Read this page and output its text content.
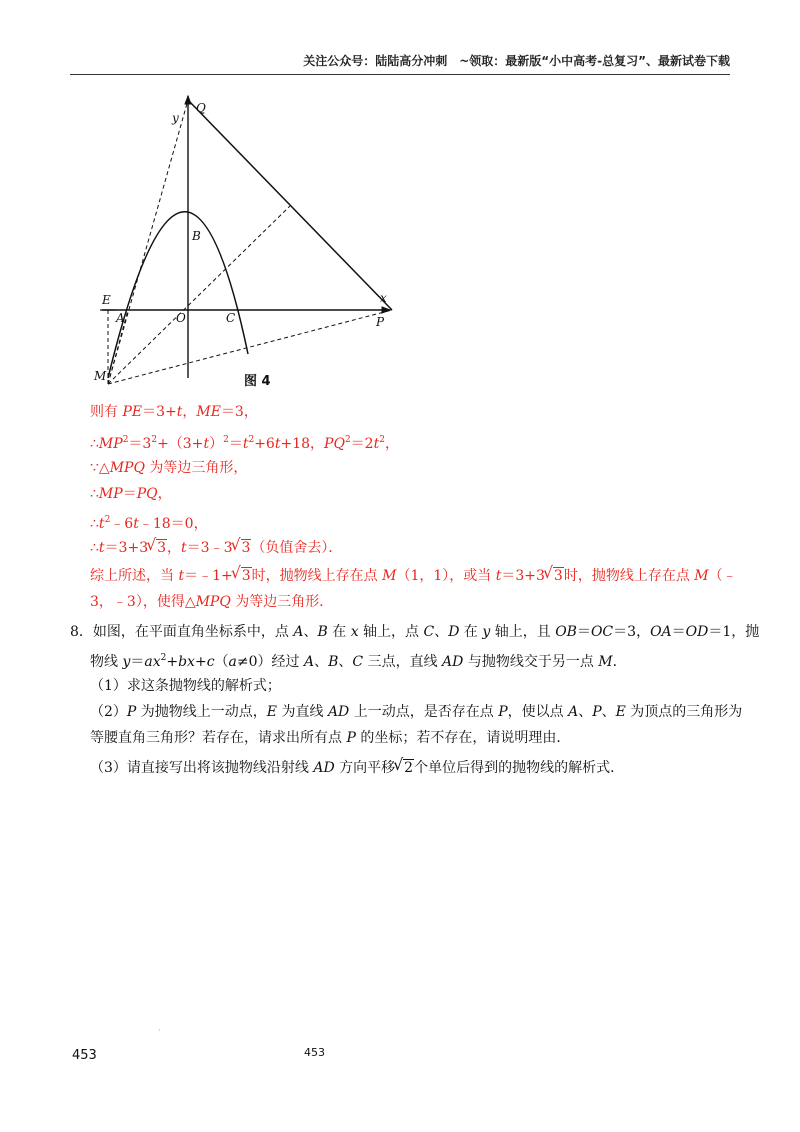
关注公众号：陆陆高分冲刺　~领取：最新版“小中高考-总复习”、最新试卷下载
Q
y
B
E
A	O	C
x
P
M	图 4
则有 PE＝3+t，ME＝3，
$\therefore MP^2=3^2+(3+t)^2=t^2+6t+18$，$PQ^2=2t^2$，
∵△MPQ 为等边三角形，
∴MP＝PQ，
$\therefore t^2﹣6t﹣18=0$，
∴t＝3+3 √ 3，t＝3﹣3 √ 3（负值舍去）．
综上所述，当 t＝﹣1+ √ 3时，抛物线上存在点 M（1，1），或当 t＝3+3 √ 3时，抛物线上存在点 M（﹣
3，﹣3），使得△MPQ 为等边三角形．
8．如图，在平面直角坐标系中，点 A、B 在 x 轴上，点 C、D 在 y 轴上，且 OB＝OC＝3，OA＝OD＝1，抛
物线 $y=ax^2+bx+c(a\ne 0)$经过 A、B、C 三点，直线 AD 与抛物线交于另一点 M．
（1）求这条抛物线的解析式；
（2）P 为抛物线上一动点，E 为直线 AD 上一动点，是否存在点 P，使以点 A、P、E 为顶点的三角形为
等腰直角三角形？若存在，请求出所有点 P 的坐标；若不存在，请说明理由．
（3）请直接写出将该抛物线沿射线 AD 方向平移 √ 2个单位后得到的抛物线的解析式．
·
453	453
